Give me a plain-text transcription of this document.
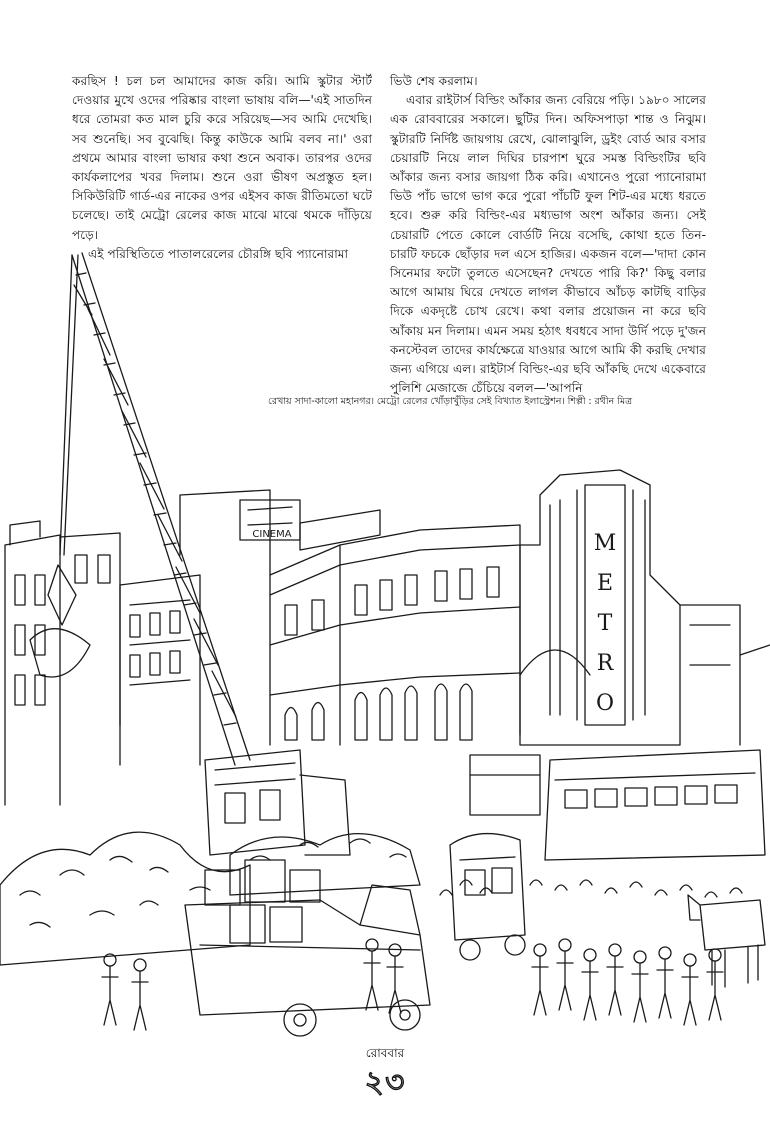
করছিস ! চল চল আমাদের কাজ করি। আমি স্কুটার স্টার্ট দেওয়ার মুখে ওদের পরিষ্কার বাংলা ভাষায় বলি—'এই সাতদিন ধরে তোমরা কত মাল চুরি করে সরিয়েছ—সব আমি দেখেছি। সব শুনেছি। সব বুঝেছি। কিন্তু কাউকে আমি বলব না।' ওরা প্রথমে আমার বাংলা ভাষার কথা শুনে অবাক। তারপর ওদের কার্যকলাপের খবর দিলাম। শুনে ওরা ভীষণ অপ্রস্তুত হল। সিকিউরিটি গার্ড-এর নাকের ওপর এইসব কাজ রীতিমতো ঘটে চলেছে। তাই মেট্রো রেলের কাজ মাঝে মাঝে থমকে দাঁড়িয়ে পড়ে।

এই পরিস্থিতিতে পাতালরেলের চৌরঙ্গি ছবি প্যানোরামা

ভিউ শেষ করলাম।

এবার রাইটার্স বিল্ডিং আঁকার জন্য বেরিয়ে পড়ি। ১৯৮০ সালের এক রোববারের সকালে। ছুটির দিন। অফিসপাড়া শান্ত ও নিঝুম। স্কুটারটি নির্দিষ্ট জায়গায় রেখে, ঝোলাঝুলি, ড্রইং বোর্ড আর বসার চেয়ারটি নিয়ে লাল দিঘির চারপাশ ঘুরে সমস্ত বিল্ডিংটির ছবি আঁকার জন্য বসার জায়গা ঠিক করি। এখানেও পুরো প্যানোরামা ভিউ পাঁচ ভাগে ভাগ করে পুরো পাঁচটি ফুল শিট-এর মধ্যে ধরতে হবে। শুরু করি বিল্ডিং-এর মধ্যভাগ অংশ আঁকার জন্য। সেই চেয়ারটি পেতে কোলে বোর্ডটি নিয়ে বসেছি, কোথা হতে তিন-চারটি ফচকে ছোঁড়ার দল এসে হাজির। একজন বলে—'দাদা কোন সিনেমার ফটো তুলতে এসেছেন? দেখতে পারি কি?' কিছু বলার আগে আমায় ঘিরে দেখতে লাগল কীভাবে আঁচড় কাটছি বাড়ির দিকে একদৃষ্টে চোখ রেখে। কথা বলার প্রয়োজন না করে ছবি আঁকায় মন দিলাম। এমন সময় হঠাৎ ধবধবে সাদা উর্দি পড়ে দু'জন কনস্টেবল তাদের কার্যক্ষেত্রে যাওয়ার আগে আমি কী করছি দেখার জন্য এগিয়ে এল। রাইটার্স বিল্ডিং-এর ছবি আঁকছি দেখে একেবারে পুলিশি মেজাজে চেঁচিয়ে বলল—'আপনি

M
E
T
R
O
CINEMA
রেখায় সাদা-কালো মহানগর। মেট্রো রেলের খোঁড়াখুঁড়ির সেই বিখ্যাত ইলাস্ট্রেশন। শিল্পী : রথীন মিত্র
রোববার
২৩
